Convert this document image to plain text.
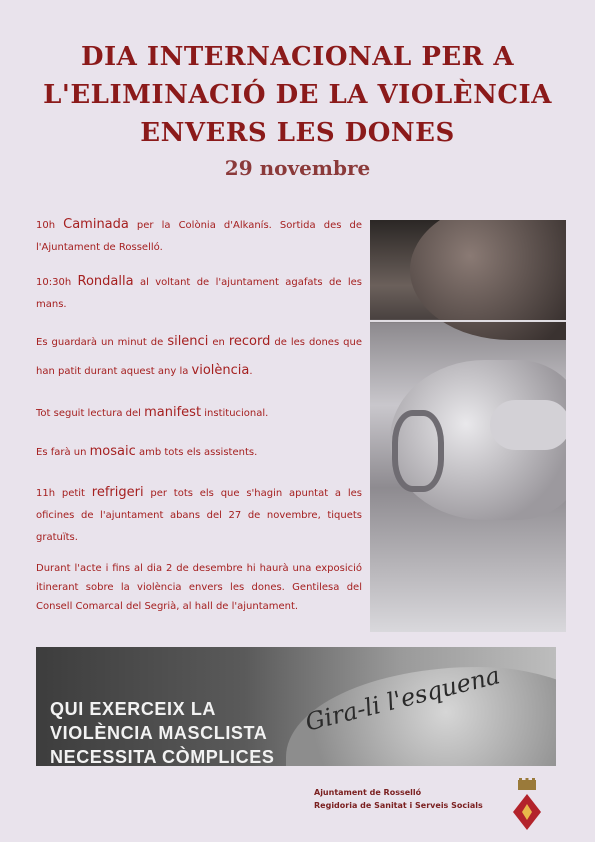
DIA INTERNACIONAL PER A
L'ELIMINACIÓ DE LA VIOLÈNCIA
ENVERS LES DONES
29 novembre
10h Caminada per la Colònia d'Alkanís. Sortida des de l'Ajuntament de Rosselló.
10:30h Rondalla al voltant de l'ajuntament agafats de les mans.
Es guardarà un minut de silenci en record de les dones que han patit durant aquest any la violència.
Tot seguit lectura del manifest institucional.
Es farà un mosaic amb tots els assistents.
11h petit refrigeri per tots els que s'hagin apuntat a les oficines de l'ajuntament abans del 27 de novembre, tiquets gratuïts.
Durant l'acte i fins al dia 2 de desembre hi haurà una exposició itinerant sobre la violència envers les dones. Gentilesa del Consell Comarcal del Segrià, al hall de l'ajuntament.
QUI EXERCEIX LA
VIOLÈNCIA MASCLISTA
NECESSITA CÒMPLICES
Gira-li l'esquena
Ajuntament de Rosselló
Regidoria de Sanitat i Serveis Socials
